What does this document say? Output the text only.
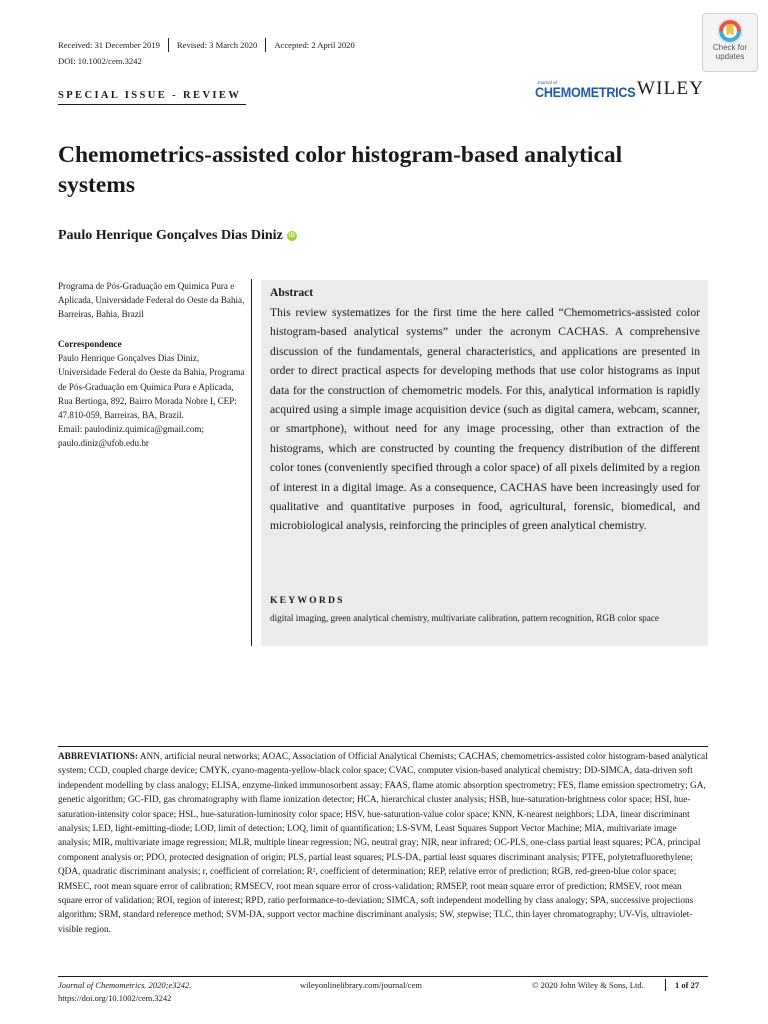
Received: 31 December 2019 Revised: 3 March 2020 Accepted: 2 April 2020
DOI: 10.1002/cem.3242
Check for updates
SPECIAL ISSUE - REVIEW
Journal of
CHEMOMETRICS WILEY
Chemometrics-assisted color histogram-based analytical systems
Paulo Henrique Gonçalves Dias Diniz	iD
Programa de Pós-Graduação em Quimica Pura e Aplicada, Universidade Federal do Oeste da Bahia, Barreiras, Bahia, Brazil
Correspondence
Paulo Henrique Gonçalves Dias Diniz, Universidade Federal do Oeste da Bahia, Programa de Pós-Graduação em Química Pura e Aplicada, Rua Bertioga, 892, Bairro Morada Nobre I, CEP: 47.810-059, Barreiras, BA, Brazil.
Email: paulodiniz.quimica@gmail.com; paulo.diniz@ufob.edu.br
Abstract
This review systematizes for the first time the here called “Chemometrics-assisted color histogram-based analytical systems” under the acronym CACHAS. A comprehensive discussion of the fundamentals, general characteristics, and applications are presented in order to direct practical aspects for developing methods that use color histograms as input data for the construction of chemometric models. For this, analytical information is rapidly acquired using a simple image acquisition device (such as digital camera, webcam, scanner, or smartphone), without need for any image processing, other than extraction of the histograms, which are constructed by counting the frequency distribution of the different color tones (conveniently specified through a color space) of all pixels delimited by a region of interest in a digital image. As a consequence, CACHAS have been increasingly used for qualitative and quantitative purposes in food, agricultural, forensic, biomedical, and microbiological analysis, reinforcing the principles of green analytical chemistry.
KEYWORDS
digital imaging, green analytical chemistry, multivariate calibration, pattern recognition, RGB color space
ABBREVIATIONS: ANN, artificial neural networks; AOAC, Association of Official Analytical Chemists; CACHAS, chemometrics-assisted color histogram-based analytical system; CCD, coupled charge device; CMYK, cyano-magenta-yellow-black color space; CVAC, computer vision-based analytical chemistry; DD-SIMCA, data-driven soft independent modelling by class analogy; ELISA, enzyme-linked immunosorbent assay; FAAS, flame atomic absorption spectrometry; FES, flame emission spectrometry; GA, genetic algorithm; GC-FID, gas chromatography with flame ionization detector; HCA, hierarchical cluster analysis; HSB, hue-saturation-brightness color space; HSI, hue-saturation-intensity color space; HSL, hue-saturation-luminosity color space; HSV, hue-saturation-value color space; KNN, K-nearest neighbors; LDA, linear discriminant analysis; LED, light-emitting-diode; LOD, limit of detection; LOQ, limit of quantification; LS-SVM, Least Squares Support Vector Machine; MIA, multivariate image analysis; MIR, multivariate image regression; MLR, multiple linear regression; NG, neutral gray; NIR, near infrared; OC-PLS, one-class partial least squares; PCA, principal component analysis or; PDO, protected designation of origin; PLS, partial least squares; PLS-DA, partial least squares discriminant analysis; PTFE, polytetrafluorethylene; QDA, quadratic discriminant analysis; r, coefficient of correlation; R², coefficient of determination; REP, relative error of prediction; RGB, red-green-blue color space; RMSEC, root mean square error of calibration; RMSECV, root mean square error of cross-validation; RMSEP, root mean square error of prediction; RMSEV, root mean square error of validation; ROI, region of interest; RPD, ratio performance-to-deviation; SIMCA, soft independent modelling by class analogy; SPA, successive projections algorithm; SRM, standard reference method; SVM-DA, support vector machine discriminant analysis; SW, stepwise; TLC, thin layer chromatography; UV-Vis, ultraviolet-visible region.
Journal of Chemometrics. 2020;e3242.
https://doi.org/10.1002/cem.3242
wileyonlinelibrary.com/journal/cem	© 2020 John Wiley & Sons, Ltd.	1 of 27
